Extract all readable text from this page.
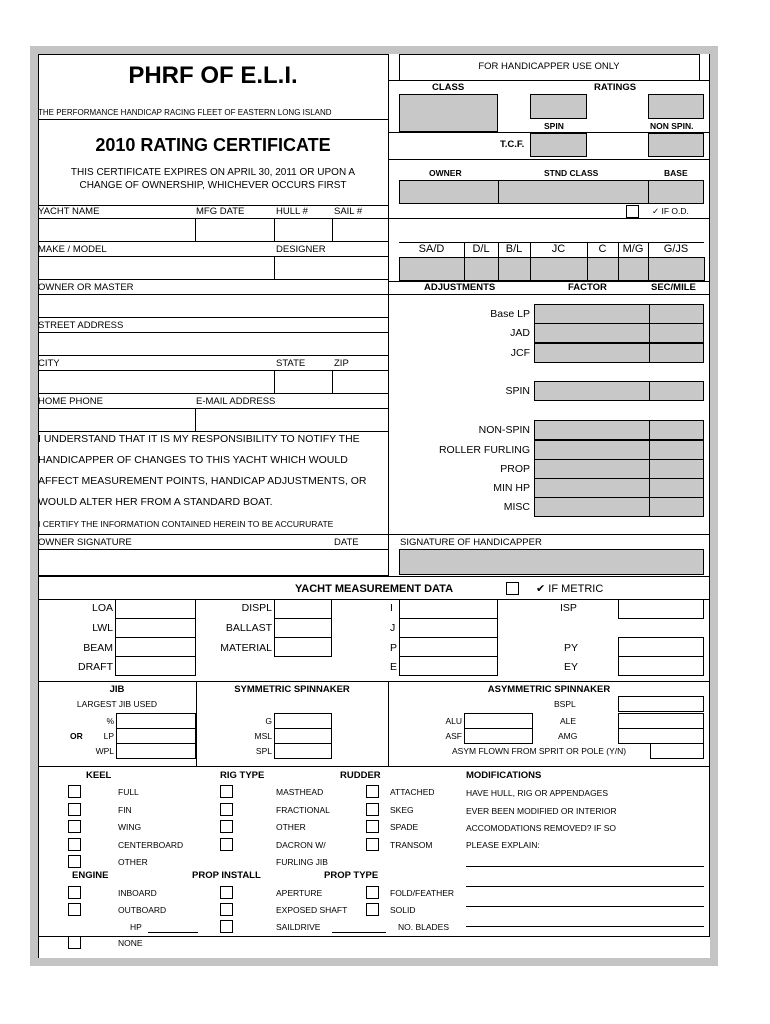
PHRF OF E.L.I.
THE PERFORMANCE HANDICAP RACING FLEET OF EASTERN LONG ISLAND
2010 RATING CERTIFICATE
THIS CERTIFICATE EXPIRES ON APRIL 30, 2011 OR UPON A
CHANGE OF OWNERSHIP, WHICHEVER OCCURS FIRST
YACHT NAME	MFG DATE	HULL #	SAIL #
MAKE / MODEL	DESIGNER
OWNER OR MASTER
STREET ADDRESS
CITY	STATE	ZIP
HOME PHONE	E-MAIL ADDRESS
I UNDERSTAND THAT IT IS MY RESPONSIBILITY TO NOTIFY THE
HANDICAPPER OF CHANGES TO THIS YACHT WHICH WOULD
AFFECT MEASUREMENT POINTS, HANDICAP ADJUSTMENTS, OR
WOULD ALTER HER FROM A STANDARD BOAT.
I CERTIFY THE INFORMATION CONTAINED HEREIN TO BE ACCURURATE
OWNER SIGNATURE	DATE
FOR HANDICAPPER USE ONLY
CLASS	RATINGS
SPIN	NON SPIN.
T.C.F.
OWNER	STND CLASS	BASE
✓ IF O.D.
SA/D	D/L	B/L	JC	C	M/G	G/JS
ADJUSTMENTS	FACTOR	SEC/MILE
Base LP
JAD
JCF
SPIN
NON-SPIN
ROLLER FURLING
PROP
MIN HP
MISC
SIGNATURE OF HANDICAPPER
YACHT MEASUREMENT DATA	✔ IF METRIC
LOA
LWL
BEAM
DRAFT
DISPL
BALLAST
MATERIAL
I
J
P
E
ISP
PY
EY
JIB
LARGEST JIB USED
%
OR	LP
WPL
SYMMETRIC SPINNAKER
G
MSL
SPL
ASYMMETRIC SPINNAKER
BSPL
ALU	ALE
ASF	AMG
ASYM FLOWN FROM SPRIT OR POLE (Y/N)
KEEL	RIG TYPE	RUDDER	MODIFICATIONS
FULL
FIN
WING
CENTERBOARD
OTHER
MASTHEAD
FRACTIONAL
OTHER
DACRON W/
FURLING JIB
ATTACHED
SKEG
SPADE
TRANSOM
INBOARD
OUTBOARD
HP
NONE
APERTURE
EXPOSED SHAFT
SAILDRIVE
FOLD/FEATHER
SOLID
NO. BLADES
HAVE HULL, RIG OR APPENDAGES
EVER BEEN MODIFIED OR INTERIOR
ACCOMODATIONS REMOVED? IF SO
PLEASE EXPLAIN:
ENGINE	PROP INSTALL	PROP TYPE
